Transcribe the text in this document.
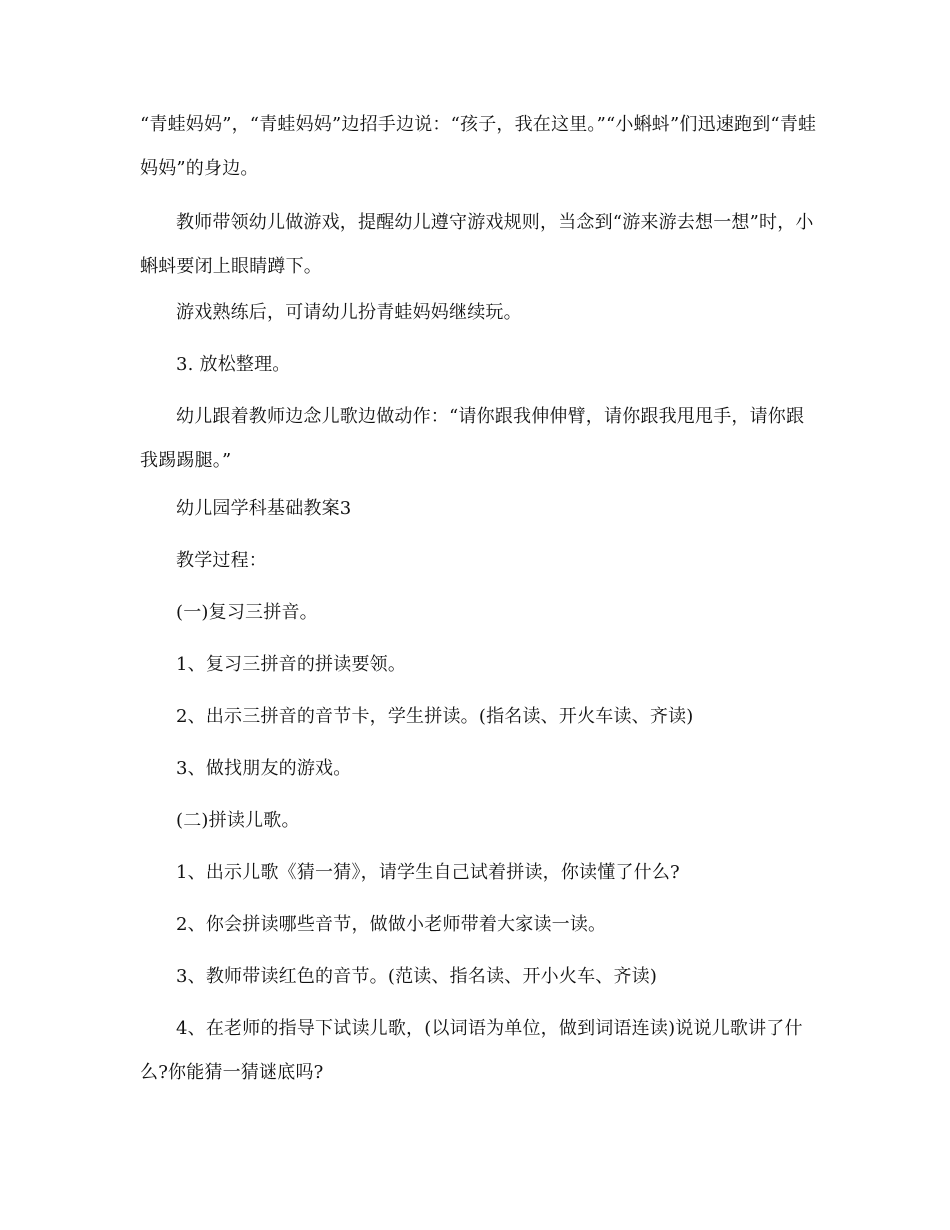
“青蛙妈妈”，“青蛙妈妈”边招手边说：“孩子，我在这里。”“小蝌蚪”们迅速跑到“青蛙妈妈”的身边。

教师带领幼儿做游戏，提醒幼儿遵守游戏规则，当念到“游来游去想一想”时，小蝌蚪要闭上眼睛蹲下。

游戏熟练后，可请幼儿扮青蛙妈妈继续玩。

3. 放松整理。

幼儿跟着教师边念儿歌边做动作：“请你跟我伸伸臂，请你跟我甩甩手，请你跟我踢踢腿。”

幼儿园学科基础教案3

教学过程：

(一)复习三拼音。

1、复习三拼音的拼读要领。

2、出示三拼音的音节卡，学生拼读。(指名读、开火车读、齐读)

3、做找朋友的游戏。

(二)拼读儿歌。

1、出示儿歌《猜一猜》，请学生自己试着拼读，你读懂了什么?

2、你会拼读哪些音节，做做小老师带着大家读一读。

3、教师带读红色的音节。(范读、指名读、开小火车、齐读)

4、在老师的指导下试读儿歌，(以词语为单位，做到词语连读)说说儿歌讲了什么?你能猜一猜谜底吗?
